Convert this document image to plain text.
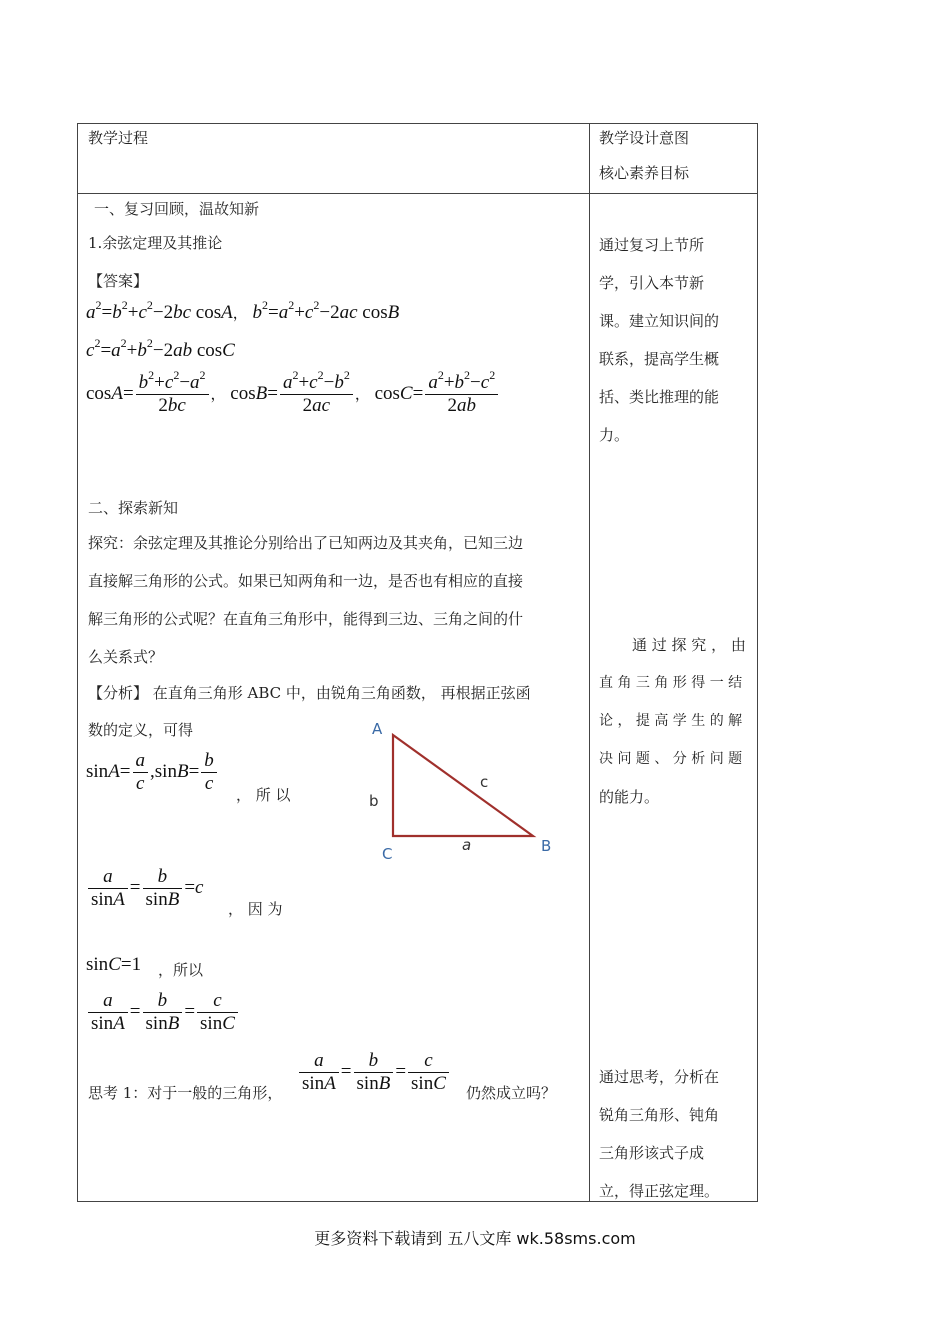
教学过程	教学设计意图
核心素养目标
一、复习回顾，温故知新
1.余弦定理及其推论
【答案】
$a^2=b^2+c^2-2bc$ cosA， $b^2=a^2+c^2-2ac$ cosB
$c^2=a^2+b^2-2ab$ cosC
$\cos A= \frac{b^2+c^2-a^2}{2bc}$ ， $\cos B= \frac{a^2+c^2-b^2}{2ac}$ ， $\cos C= \frac{a^2+b^2-c^2}{2ab}$
二、探索新知
探究：余弦定理及其推论分别给出了已知两边及其夹角，已知三边
直接解三角形的公式。如果已知两角和一边，是否也有相应的直接
解三角形的公式呢？在直角三角形中，能得到三边、三角之间的什
么关系式？
【分析】 在直角三角形 ABC 中，由锐角三角函数， 再根据正弦函
数的定义，可得
$\sin A= \frac{a}{c} ,\sin B= \frac{b}{c}$ ， 所 以
A
B
C	a
b
c
$\frac{a}{\sin A} = \frac{b}{\sin B} =c$
， 因 为
sinC=1 ，所以
$\frac{a}{\sin A} = \frac{b}{\sin B} = \frac{c}{\sin C}$
思考 1：对于一般的三角形， $\frac{a}{\sin A} = \frac{b}{\sin B} = \frac{c}{\sin C}$ 仍然成立吗？
通过复习上节所
学，引入本节新
课。建立知识间的
联系，提高学生概
括、类比推理的能
力。
通 过 探 究 ， 由
直 角 三 角 形 得 一 结
论 ， 提 高 学 生 的 解
决 问 题 、 分 析 问 题
的能力。
通过思考，分析在
锐角三角形、钝角
三角形该式子成
立，得正弦定理。
更多资料下载请到 五八文库 wk.58sms.com
